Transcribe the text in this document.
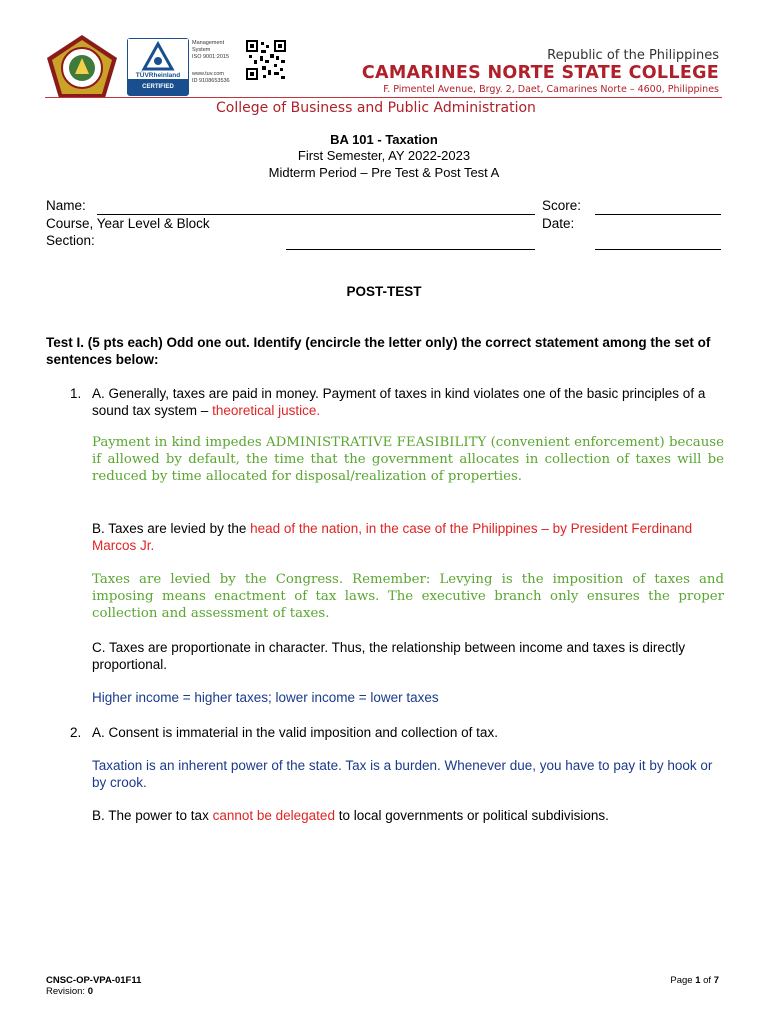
TÜVRheinland
CERTIFIED
Management
System
ISO 9001:2015
www.tuv.com
ID 9108653536
Republic of the Philippines
CAMARINES NORTE STATE COLLEGE
F. Pimentel Avenue, Brgy. 2, Daet, Camarines Norte – 4600, Philippines
College of Business and Public Administration
BA 101 - Taxation
First Semester, AY 2022-2023
Midterm Period – Pre Test & Post Test A
Name:	Score:
Course, Year Level & Block
Section:
Date:
POST-TEST
Test I. (5 pts each) Odd one out. Identify (encircle the letter only) the correct statement among the set of sentences below:
1. A. Generally, taxes are paid in money. Payment of taxes in kind violates one of the basic principles of a sound tax system – theoretical justice.
Payment in kind impedes ADMINISTRATIVE FEASIBILITY (convenient enforcement) because if allowed by default, the time that the government allocates in collection of taxes will be reduced by time allocated for disposal/realization of properties.
B. Taxes are levied by the head of the nation, in the case of the Philippines – by President Ferdinand Marcos Jr.
Taxes are levied by the Congress. Remember: Levying is the imposition of taxes and imposing means enactment of tax laws. The executive branch only ensures the proper collection and assessment of taxes.
C. Taxes are proportionate in character. Thus, the relationship between income and taxes is directly proportional.
Higher income = higher taxes; lower income = lower taxes
2. A. Consent is immaterial in the valid imposition and collection of tax.
Taxation is an inherent power of the state. Tax is a burden. Whenever due, you have to pay it by hook or by crook.
B. The power to tax cannot be delegated to local governments or political subdivisions.
CNSC-OP-VPA-01F11
Revision: 0
Page 1 of 7
